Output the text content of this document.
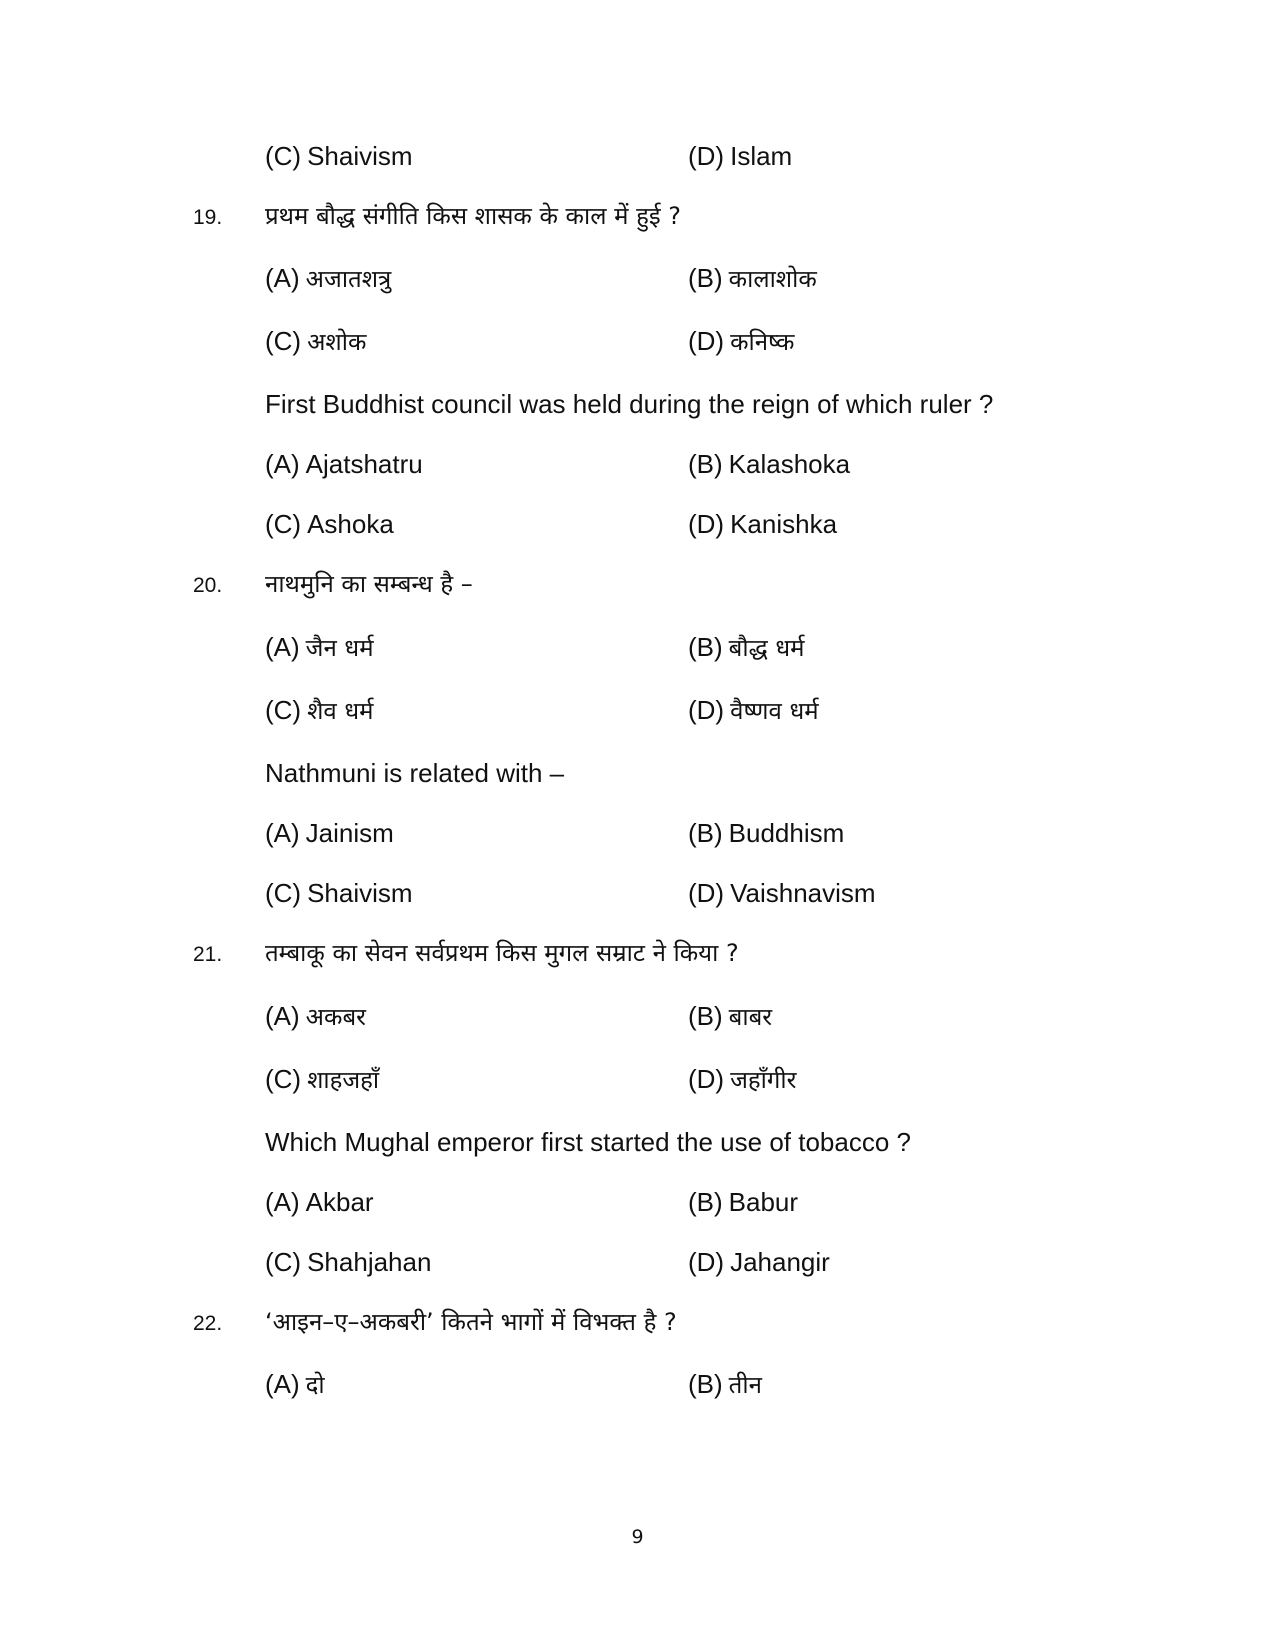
(C) Shaivism	(D) Islam
19. प्रथम बौद्ध संगीति किस शासक के काल में हुई ?
(A) अजातशत्रु	(B) कालाशोक
(C) अशोक	(D) कनिष्क
First Buddhist council was held during the reign of which ruler ?
(A) Ajatshatru	(B) Kalashoka
(C) Ashoka	(D) Kanishka
20. नाथमुनि का सम्बन्ध है –
(A) जैन धर्म	(B) बौद्ध धर्म
(C) शैव धर्म	(D) वैष्णव धर्म
Nathmuni is related with –
(A) Jainism	(B) Buddhism
(C) Shaivism	(D) Vaishnavism
21. तम्बाकू का सेवन सर्वप्रथम किस मुगल सम्राट ने किया ?
(A) अकबर	(B) बाबर
(C) शाहजहाँ	(D) जहाँगीर
Which Mughal emperor first started the use of tobacco ?
(A) Akbar	(B) Babur
(C) Shahjahan	(D) Jahangir
22. ‘आइन–ए–अकबरी’ कितने भागों में विभक्त है ?
(A) दो	(B) तीन
9
